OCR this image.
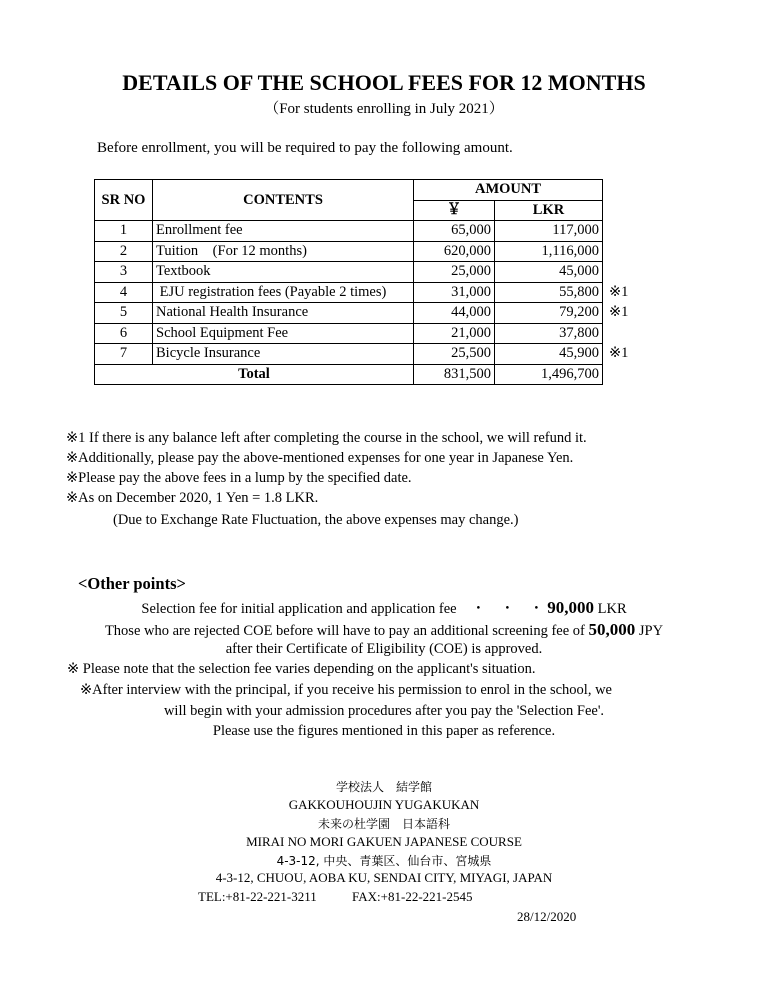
DETAILS OF THE SCHOOL FEES FOR 12 MONTHS
（For students enrolling in July 2021）
Before enrollment, you will be required to pay the following amount.
SR NO	CONTENTS	AMOUNT		
		￥	LKR	
1	Enrollment fee	65,000	117,000	
2	Tuition　(For 12 months)	620,000	1,116,000	
3	Textbook	25,000	45,000	
4	EJU registration fees (Payable 2 times)	31,000	55,800	※1
5	National Health Insurance	44,000	79,200	※1
6	School Equipment Fee	21,000	37,800	
7	Bicycle Insurance	25,500	45,900	※1
Total		831,500	1,496,700	
※1 If there is any balance left after completing the course in the school, we will refund it.
※Additionally, please pay the above-mentioned expenses for one year in Japanese Yen.
※Please pay the above fees in a lump by the specified date.
※As on December 2020, 1 Yen = 1.8 LKR.
(Due to Exchange Rate Fluctuation, the above expenses may change.)
<Other points>
Selection fee for initial application and application fee　・　・　・ 90,000 LKR
Those who are rejected COE before will have to pay an additional screening fee of 50,000 JPY
after their Certificate of Eligibility (COE) is approved.
※ Please note that the selection fee varies depending on the applicant's situation.
※After interview with the principal, if you receive his permission to enrol in the school, we
will begin with your admission procedures after you pay the 'Selection Fee'.
Please use the figures mentioned in this paper as reference.
学校法人　結学館
GAKKOUHOUJIN YUGAKUKAN
未来の杜学園　日本語科
MIRAI NO MORI GAKUEN JAPANESE COURSE
4-3-12, 中央、青葉区、仙台市、宮城県
4-3-12, CHUOU, AOBA KU, SENDAI CITY, MIYAGI, JAPAN
TEL:+81-22-221-3211	FAX:+81-22-221-2545
28/12/2020
